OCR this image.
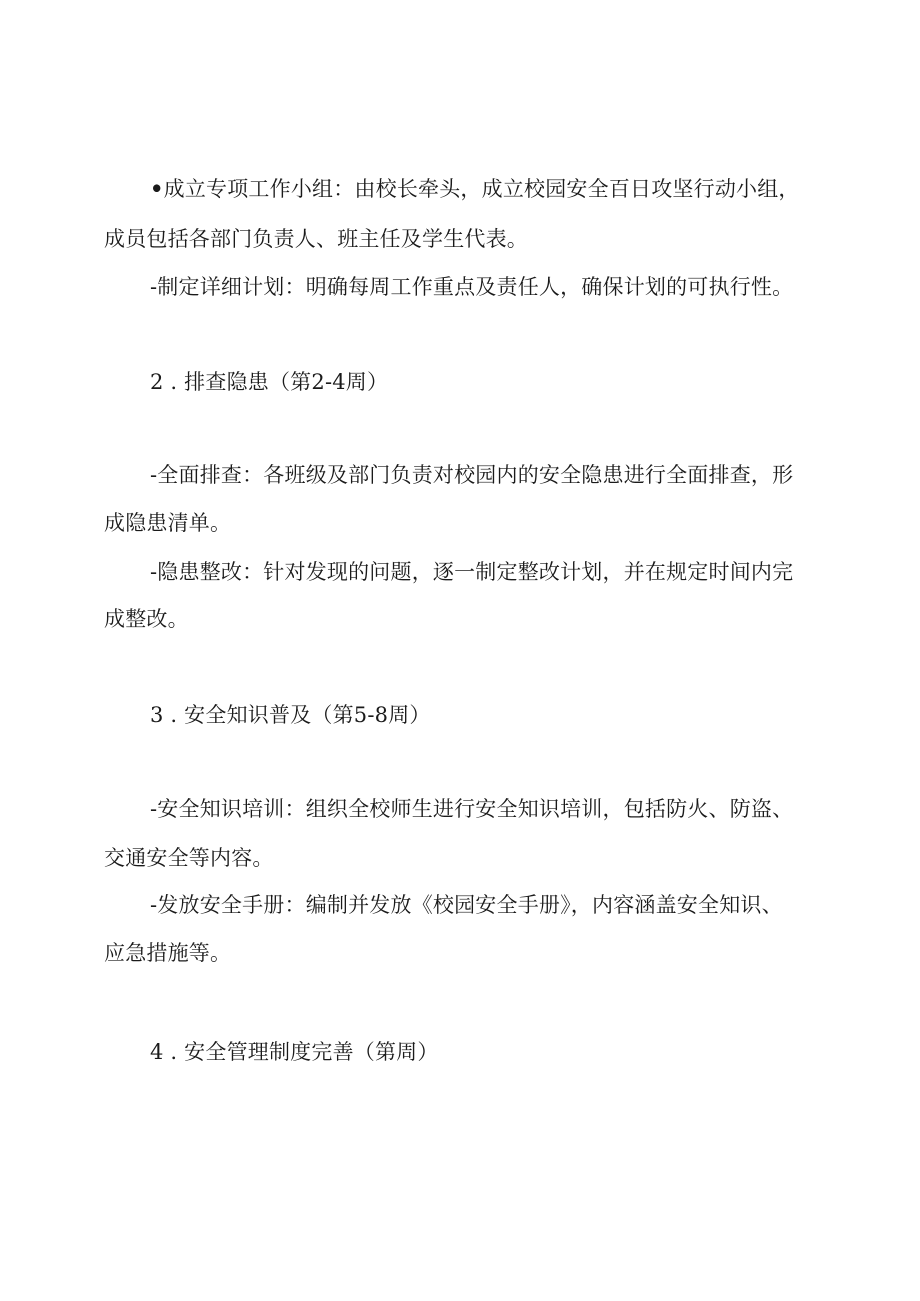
•成立专项工作小组：由校长牵头，成立校园安全百日攻坚行动小组，
成员包括各部门负责人、班主任及学生代表。
-制定详细计划：明确每周工作重点及责任人，确保计划的可执行性。
2 . 排查隐患（第2-4周）
-全面排查：各班级及部门负责对校园内的安全隐患进行全面排查，形
成隐患清单。
-隐患整改：针对发现的问题，逐一制定整改计划，并在规定时间内完
成整改。
3 . 安全知识普及（第5-8周）
-安全知识培训：组织全校师生进行安全知识培训，包括防火、防盗、
交通安全等内容。
-发放安全手册：编制并发放《校园安全手册》，内容涵盖安全知识、
应急措施等。
4 . 安全管理制度完善（第周）
